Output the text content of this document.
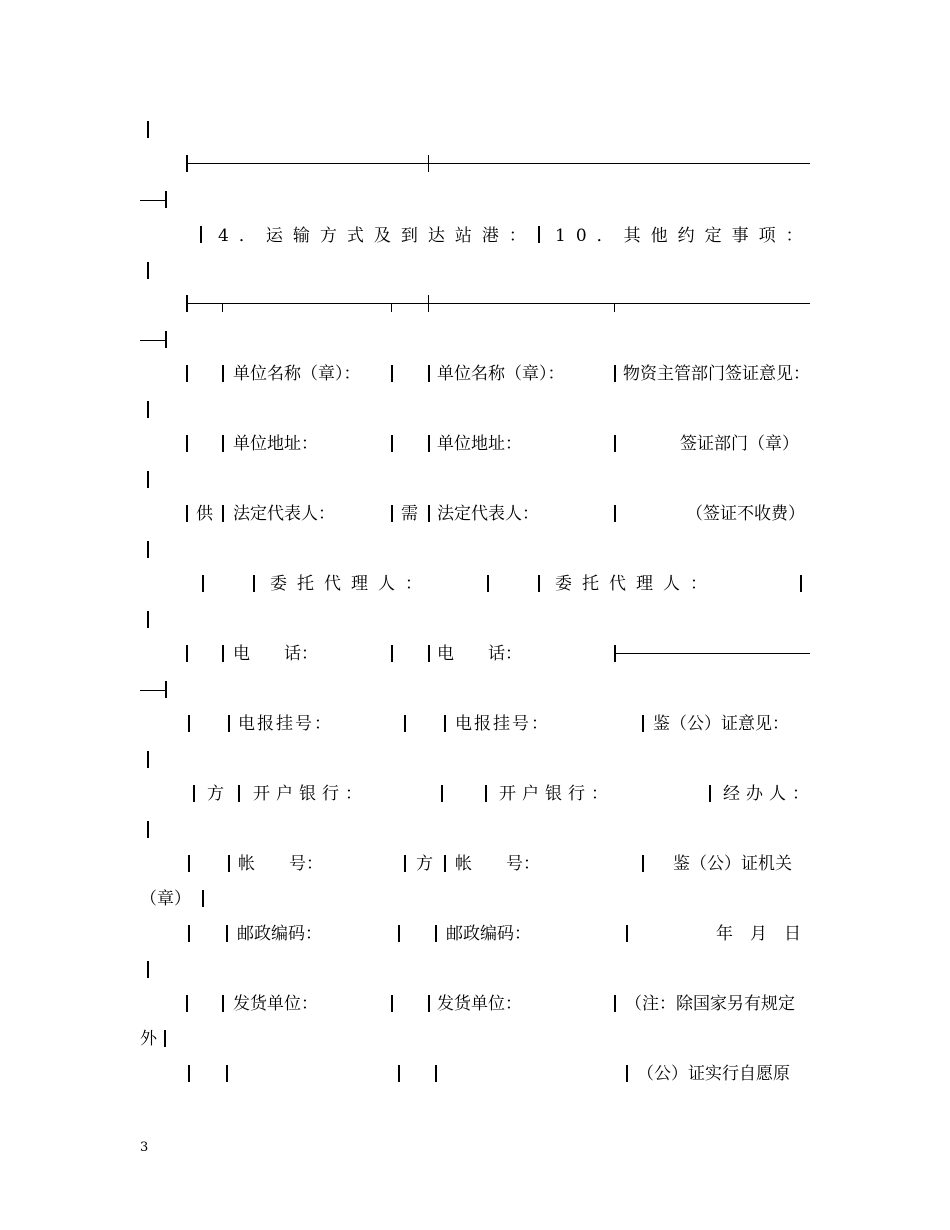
4．运输方式及到达站港： 10．其他约定事项：
单位名称（章）：	单位名称（章）：	物资主管部门签证意见：
单位地址：	单位地址：	签证部门（章）
供 法定代表人：	需 法定代表人：	（签证不收费）
委托代理人：	委托代理人：
电　　话：	电　　话：
电报挂号：	电报挂号：	鉴（公）证意见：
方 开户银行：	开户银行：	经办人：
帐　　号：	方 帐　　号：	鉴（公）证机关
（章）
邮政编码：	邮政编码：	年　月　日
发货单位：	发货单位：	（注：除国家另有规定
外
（公）证实行自愿原
3
